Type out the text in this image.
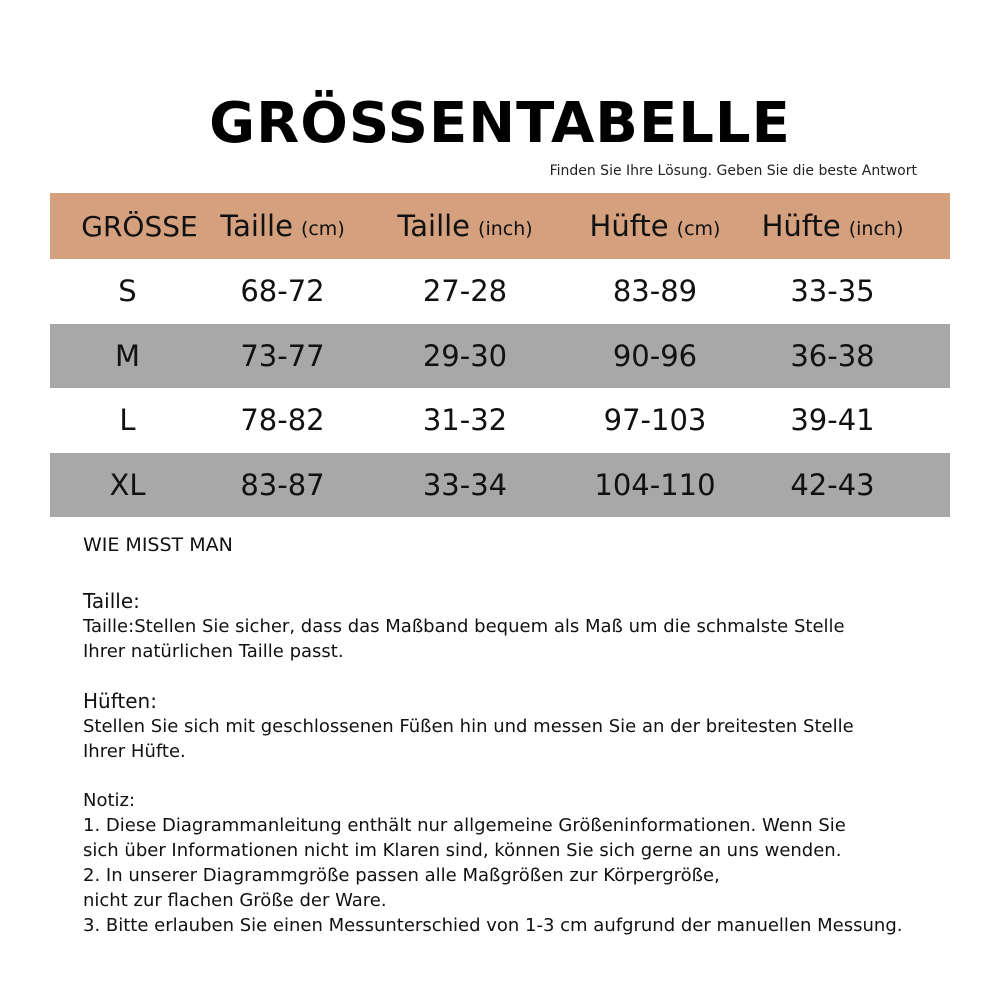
GRÖSSENTABELLE
Finden Sie Ihre Lösung. Geben Sie die beste Antwort
GRÖSSE Taille (cm) Taille (inch) Hüfte (cm) Hüfte (inch)
S	68-72	27-28	83-89	33-35
M	73-77	29-30	90-96	36-38
L	78-82	31-32	97-103	39-41
XL	83-87	33-34	104-110	42-43
WIE MISST MAN
Taille:
Taille:Stellen Sie sicher, dass das Maßband bequem als Maß um die schmalste Stelle
Ihrer natürlichen Taille passt.
Hüften:
Stellen Sie sich mit geschlossenen Füßen hin und messen Sie an der breitesten Stelle
Ihrer Hüfte.
Notiz:
1. Diese Diagrammanleitung enthält nur allgemeine Größeninformationen. Wenn Sie
sich über Informationen nicht im Klaren sind, können Sie sich gerne an uns wenden.
2. In unserer Diagrammgröße passen alle Maßgrößen zur Körpergröße,
nicht zur flachen Größe der Ware.
3. Bitte erlauben Sie einen Messunterschied von 1-3 cm aufgrund der manuellen Messung.
